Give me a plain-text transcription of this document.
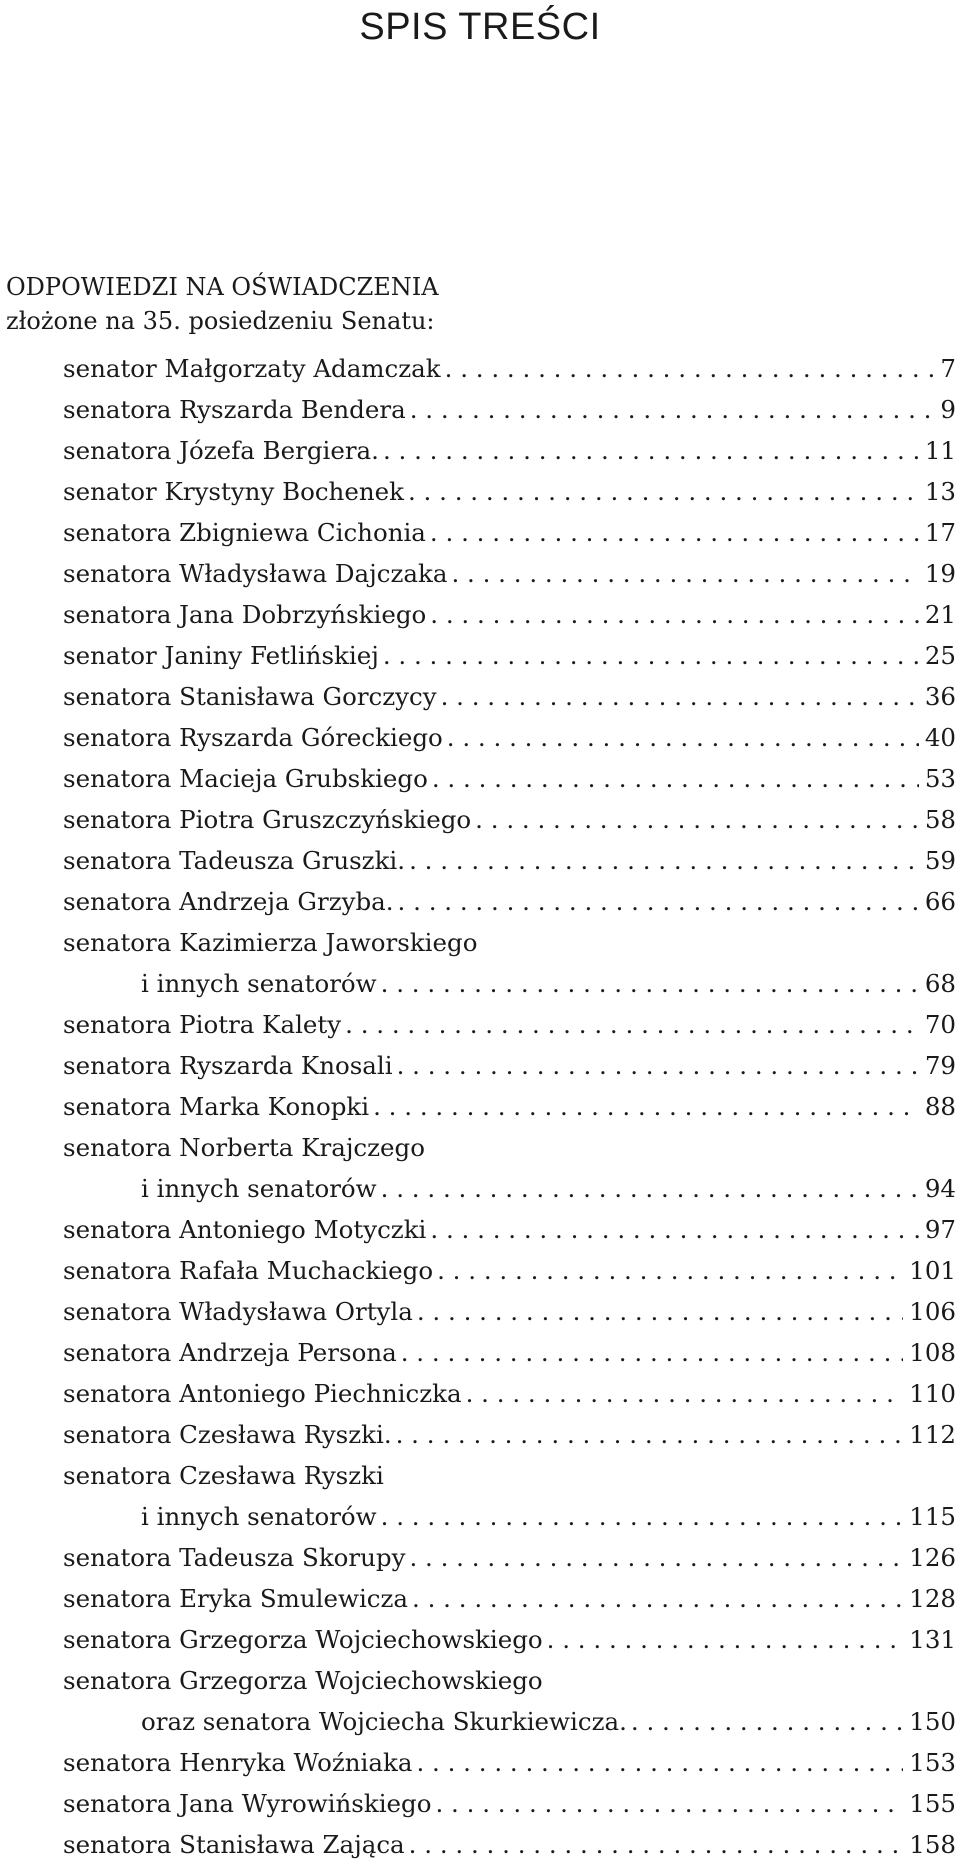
SPIS TREŚCI
ODPOWIEDZI NA OŚWIADCZENIA
złożone na 35. posiedzeniu Senatu:
senator Małgorzaty Adamczak . . .	7
senatora Ryszarda Bendera . . .	9
senatora Józefa Bergiera. . . .	11
senator Krystyny Bochenek . . .	13
senatora Zbigniewa Cichonia . . .	17
senatora Władysława Dajczaka . . .	19
senatora Jana Dobrzyńskiego . . .	21
senator Janiny Fetlińskiej . . .	25
senatora Stanisława Gorczycy . . .	36
senatora Ryszarda Góreckiego . . .	40
senatora Macieja Grubskiego . . .	53
senatora Piotra Gruszczyńskiego . . .	58
senatora Tadeusza Gruszki. . . .	59
senatora Andrzeja Grzyba. . . .	66
senatora Kazimierza Jaworskiego
i innych senatorów . . .	68
senatora Piotra Kalety . . .	70
senatora Ryszarda Knosali . . .	79
senatora Marka Konopki . . .	88
senatora Norberta Krajczego
i innych senatorów . . .	94
senatora Antoniego Motyczki . . .	97
senatora Rafała Muchackiego . . .	101
senatora Władysława Ortyla . . .	106
senatora Andrzeja Persona . . .	108
senatora Antoniego Piechniczka . . .	110
senatora Czesława Ryszki. . . .	112
senatora Czesława Ryszki
i innych senatorów . . .	115
senatora Tadeusza Skorupy . . .	126
senatora Eryka Smulewicza . . .	128
senatora Grzegorza Wojciechowskiego . . .	131
senatora Grzegorza Wojciechowskiego
oraz senatora Wojciecha Skurkiewicza. . . .	150
senatora Henryka Woźniaka . . .	153
senatora Jana Wyrowińskiego . . .	155
senatora Stanisława Zająca . . .	158
